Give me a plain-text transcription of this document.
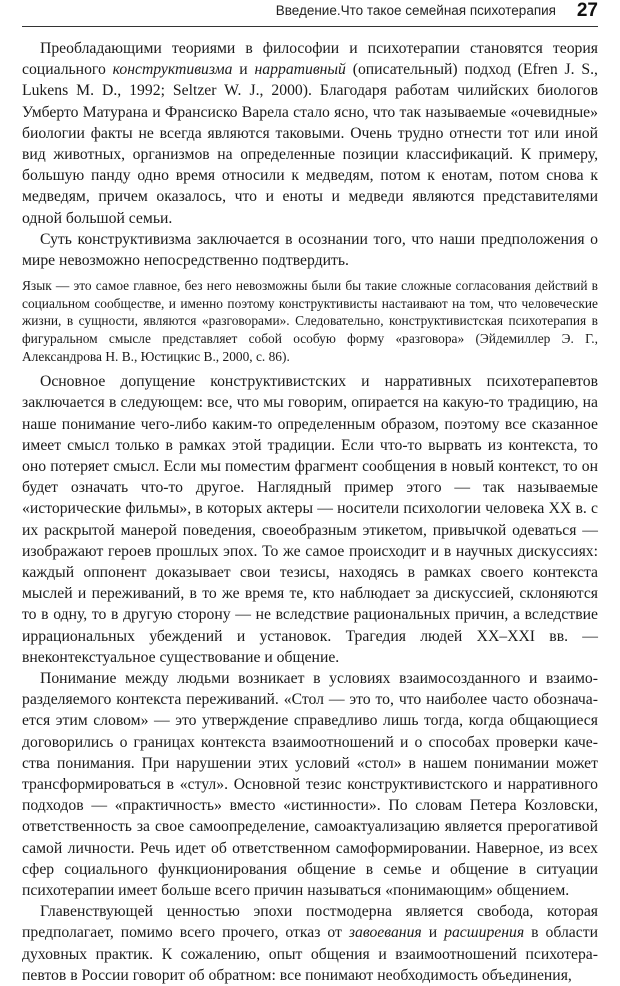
Введение.Что такое семейная психотерапия 27

Преобладающими теориями в философии и психотерапии становятся теория социального конструктивизма и нарративный (описательный) подход (Efren J. S., Lukens M. D., 1992; Seltzer W. J., 2000). Благодаря работам чилийских биологов Умберто Матурана и Франсиско Варела стало ясно, что так называемые «очевидные» биологии факты не всегда являются таковыми. Очень трудно отнести тот или иной вид животных, организмов на определенные позиции классификаций. К примеру, большую панду одно время относили к медведям, потом к енотам, потом снова к медведям, причем оказалось, что и еноты и медведи являются представителями одной большой семьи.

Суть конструктивизма заключается в осознании того, что наши предположения о мире невозможно непосредственно подтвердить.

Язык — это самое главное, без него невозможны были бы такие сложные согласования действий в социальном сообществе, и именно поэтому конструктивисты настаивают на том, что человеческие жизни, в сущности, являются «разговорами». Следовательно, конструктивистская психотерапия в фигуральном смысле представляет собой особую форму «разговора» (Эйдемиллер Э. Г., Александрова Н. В., Юстицкис В., 2000, с. 86).

Основное допущение конструктивистских и нарративных психотерапевтов заключается в следующем: все, что мы говорим, опирается на какую-то традицию, на наше понимание чего-либо каким-то определенным образом, поэтому все сказанное имеет смысл только в рамках этой традиции. Если что-то вырвать из контекста, то оно потеряет смысл. Если мы поместим фрагмент сообщения в новый контекст, то он будет означать что-то другое. Наглядный пример этого — так называемые «исторические фильмы», в которых актеры — носители психологии человека XX в. с их раскрытой манерой поведения, своеобразным этикетом, привычкой одеваться — изображают героев прошлых эпох. То же самое происходит и в научных дискуссиях: каждый оппонент доказывает свои тезисы, находясь в рамках своего контекста мыслей и переживаний, в то же время те, кто наблюдает за дискуссией, склоняются то в одну, то в другую сторону — не вследствие рациональных причин, а вследствие иррациональных убеждений и установок. Трагедия людей XX–XXI вв. — внеконтекстуальное существование и общение.

Понимание между людьми возникает в условиях взаимосозданного и взаиморазделяемого контекста переживаний. «Стол — это то, что наиболее часто обозначается этим словом» — это утверждение справедливо лишь тогда, когда общающиеся договорились о границах контекста взаимоотношений и о способах проверки качества понимания. При нарушении этих условий «стол» в нашем понимании может трансформироваться в «стул». Основной тезис конструктивистского и нарративного подходов — «практичность» вместо «истинности». По словам Петера Козловски, ответственность за свое самоопределение, самоактуализацию является прерогативой самой личности. Речь идет об ответственном самоформировании. Наверное, из всех сфер социального функционирования общение в семье и общение в ситуации психотерапии имеет больше всего причин называться «понимающим» общением.

Главенствующей ценностью эпохи постмодерна является свобода, которая предполагает, помимо всего прочего, отказ от завоевания и расширения в области духовных практик. К сожалению, опыт общения и взаимоотношений психотерапевтов в России говорит об обратном: все понимают необходимость объединения,
